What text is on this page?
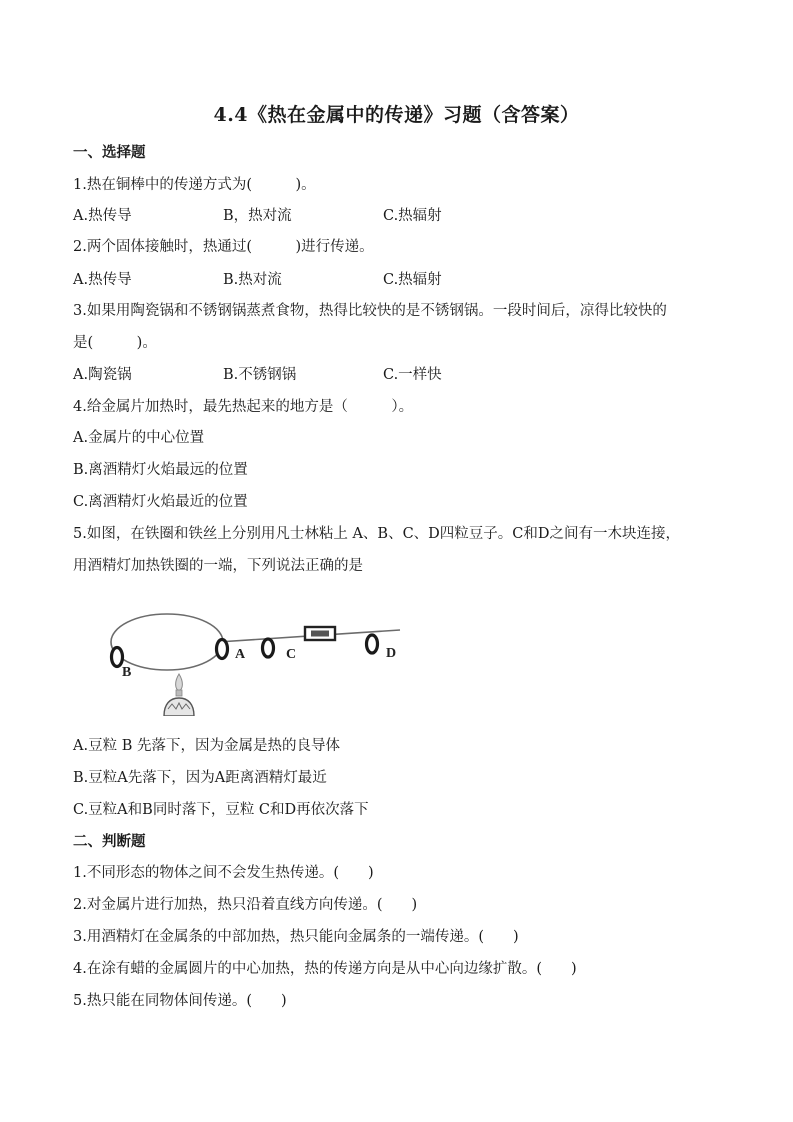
4.4《热在金属中的传递》习题（含答案）
一、选择题
1.热在铜棒中的传递方式为(　　　)。
A.热传导	B，热对流	C.热辐射
2.两个固体接触时，热通过(　　　)进行传递。
A.热传导	B.热对流	C.热辐射
3.如果用陶瓷锅和不锈钢锅蒸煮食物，热得比较快的是不锈钢锅。一段时间后，凉得比较快的
是(　　　)。
A.陶瓷锅	B.不锈钢锅	C.一样快
4.给金属片加热时，最先热起来的地方是（　　　）。
A.金属片的中心位置
B.离酒精灯火焰最远的位置
C.离酒精灯火焰最近的位置
5.如图，在铁圈和铁丝上分别用凡士林粘上 A、B、C、D四粒豆子。C和D之间有一木块连接，
用酒精灯加热铁圈的一端，下列说法正确的是
A
B
C	D
A.豆粒 B 先落下，因为金属是热的良导体
B.豆粒A先落下，因为A距离酒精灯最近
C.豆粒A和B同时落下，豆粒 C和D再依次落下
二、判断题
1.不同形态的物体之间不会发生热传递。(　　)
2.对金属片进行加热，热只沿着直线方向传递。(　　)
3.用酒精灯在金属条的中部加热，热只能向金属条的一端传递。(　　)
4.在涂有蜡的金属圆片的中心加热，热的传递方向是从中心向边缘扩散。(　　)
5.热只能在同物体间传递。(　　)
